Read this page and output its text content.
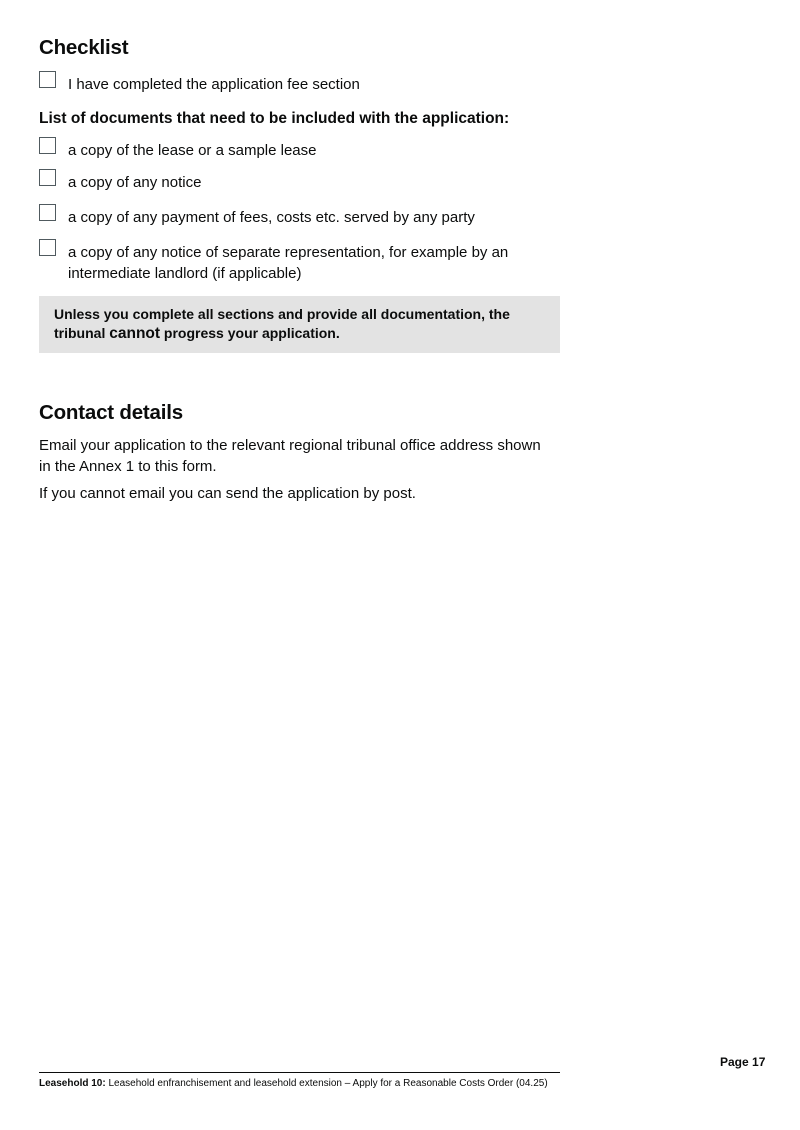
Checklist
I have completed the application fee section
List of documents that need to be included with the application:
a copy of the lease or a sample lease
a copy of any notice
a copy of any payment of fees, costs etc. served by any party
a copy of any notice of separate representation, for example by an intermediate landlord (if applicable)
Unless you complete all sections and provide all documentation, the tribunal cannot progress your application.
Contact details
Email your application to the relevant regional tribunal office address shown in the Annex 1 to this form.
If you cannot email you can send the application by post.
Page 17
Leasehold 10: Leasehold enfranchisement and leasehold extension – Apply for a Reasonable Costs Order (04.25)
